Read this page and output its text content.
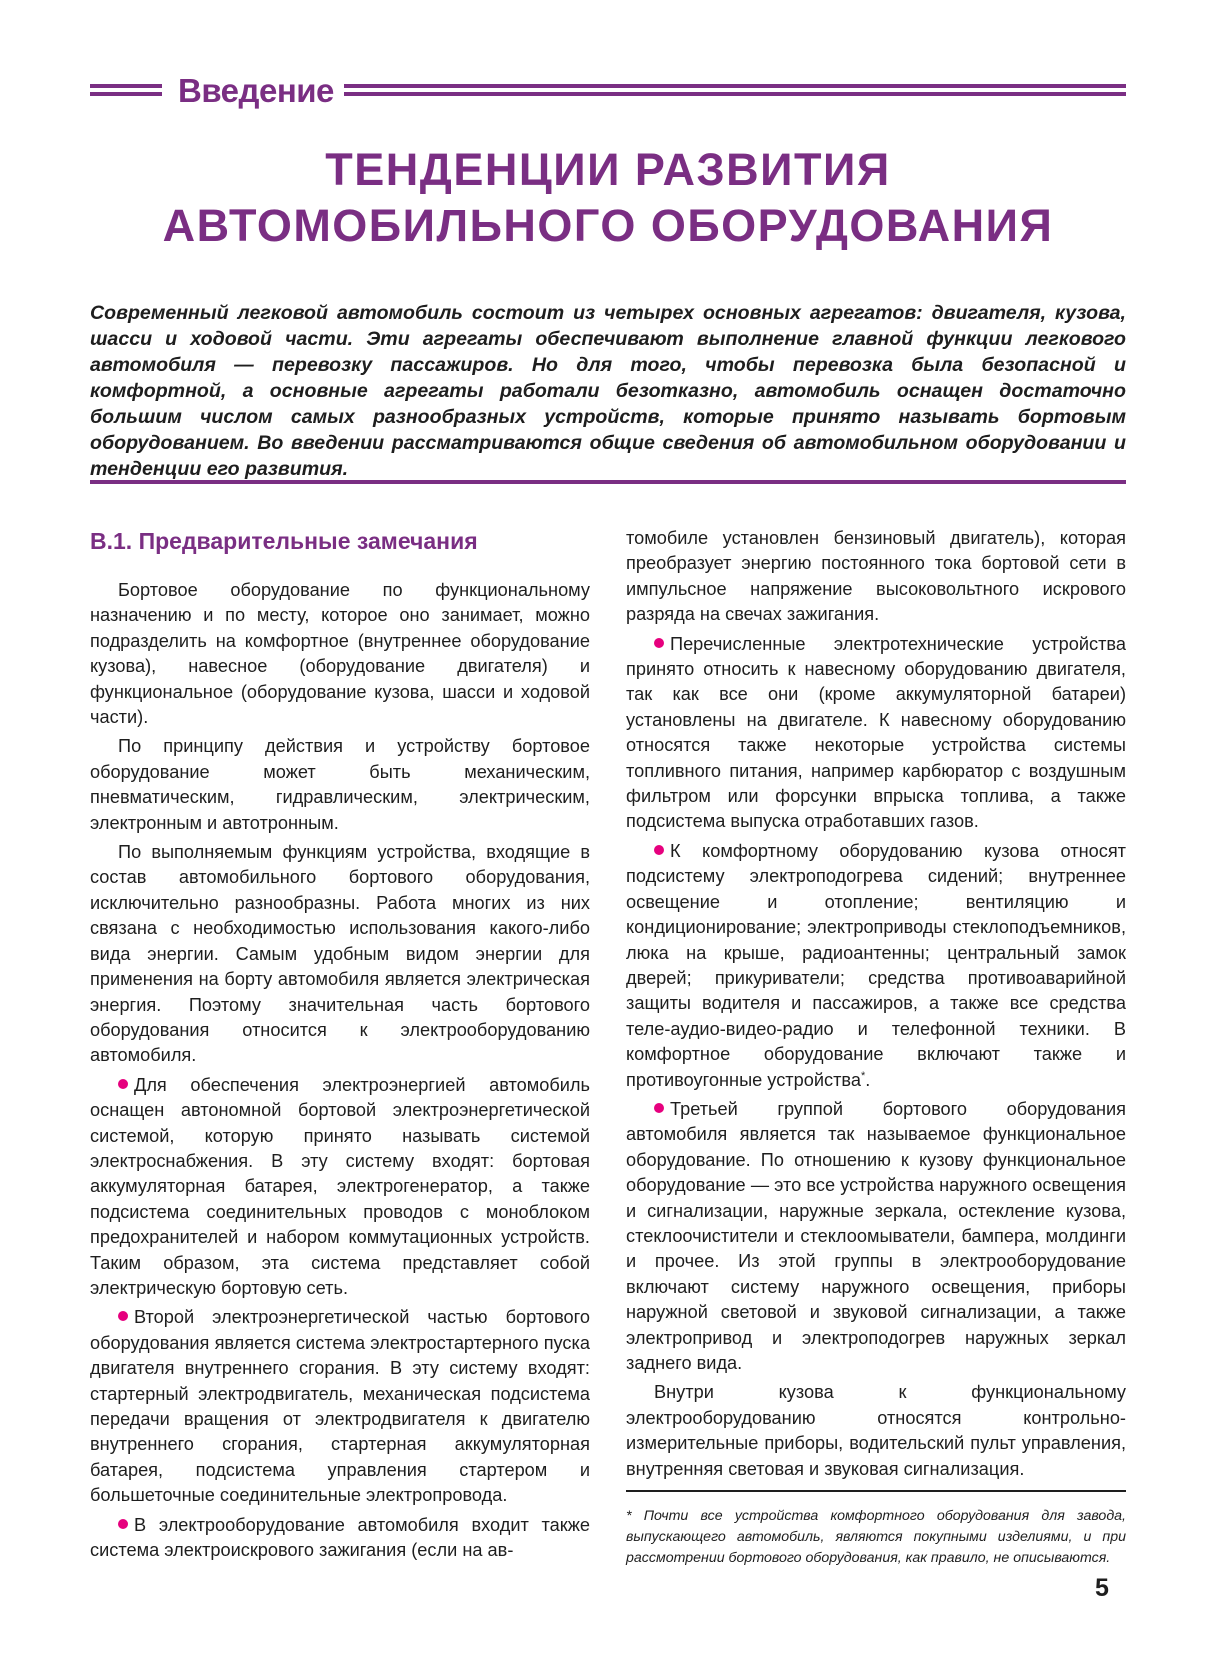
Введение
ТЕНДЕНЦИИ РАЗВИТИЯ
АВТОМОБИЛЬНОГО ОБОРУДОВАНИЯ
Современный легковой автомобиль состоит из четырех основных агрегатов: двигателя, кузова, шасси и ходовой части. Эти агрегаты обеспечивают выполнение главной функции легкового автомобиля — перевозку пассажиров. Но для того, чтобы перевозка была безопасной и комфортной, а основные агрегаты работали безотказно, автомобиль оснащен достаточно большим числом самых разнообразных устройств, которые принято называть бортовым оборудованием. Во введении рассматриваются общие сведения об автомобильном оборудовании и тенденции его развития.
В.1. Предварительные замечания

Бортовое оборудование по функциональному назначению и по месту, которое оно занимает, можно подразделить на комфортное (внутреннее оборудование кузова), навесное (оборудование двигателя) и функциональное (оборудование кузова, шасси и ходовой части).

По принципу действия и устройству бортовое оборудование может быть механическим, пневматическим, гидравлическим, электрическим, электронным и автотронным.

По выполняемым функциям устройства, входящие в состав автомобильного бортового оборудования, исключительно разнообразны. Работа многих из них связана с необходимостью использования какого-либо вида энергии. Самым удобным видом энергии для применения на борту автомобиля является электрическая энергия. Поэтому значительная часть бортового оборудования относится к электрооборудованию автомобиля.

Для обеспечения электроэнергией автомобиль оснащен автономной бортовой электроэнергетической системой, которую принято называть системой электроснабжения. В эту систему входят: бортовая аккумуляторная батарея, электрогенератор, а также подсистема соединительных проводов с моноблоком предохранителей и набором коммутационных устройств. Таким образом, эта система представляет собой электрическую бортовую сеть.

Второй электроэнергетической частью бортового оборудования является система электростартерного пуска двигателя внутреннего сгорания. В эту систему входят: стартерный электродвигатель, механическая подсистема передачи вращения от электродвигателя к двигателю внутреннего сгорания, стартерная аккумуляторная батарея, подсистема управления стартером и большеточные соединительные электропровода.

В электрооборудование автомобиля входит также система электроискрового зажигания (если на ав-

томобиле установлен бензиновый двигатель), которая преобразует энергию постоянного тока бортовой сети в импульсное напряжение высоковольтного искрового разряда на свечах зажигания.

Перечисленные электротехнические устройства принято относить к навесному оборудованию двигателя, так как все они (кроме аккумуляторной батареи) установлены на двигателе. К навесному оборудованию относятся также некоторые устройства системы топливного питания, например карбюратор с воздушным фильтром или форсунки впрыска топлива, а также подсистема выпуска отработавших газов.

К комфортному оборудованию кузова относят подсистему электроподогрева сидений; внутреннее освещение и отопление; вентиляцию и кондиционирование; электроприводы стеклоподъемников, люка на крыше, радиоантенны; центральный замок дверей; прикуриватели; средства противоаварийной защиты водителя и пассажиров, а также все средства теле-аудио-видео-радио и телефонной техники. В комфортное оборудование включают также и противоугонные устройства*.

Третьей группой бортового оборудования автомобиля является так называемое функциональное оборудование. По отношению к кузову функциональное оборудование — это все устройства наружного освещения и сигнализации, наружные зеркала, остекление кузова, стеклоочистители и стеклоомыватели, бампера, молдинги и прочее. Из этой группы в электрооборудование включают систему наружного освещения, приборы наружной световой и звуковой сигнализации, а также электропривод и электроподогрев наружных зеркал заднего вида.

Внутри кузова к функциональному электрооборудованию относятся контрольно-измерительные приборы, водительский пульт управления, внутренняя световая и звуковая сигнализация.

* Почти все устройства комфортного оборудования для завода, выпускающего автомобиль, являются покупными изделиями, и при рассмотрении бортового оборудования, как правило, не описываются.

5
